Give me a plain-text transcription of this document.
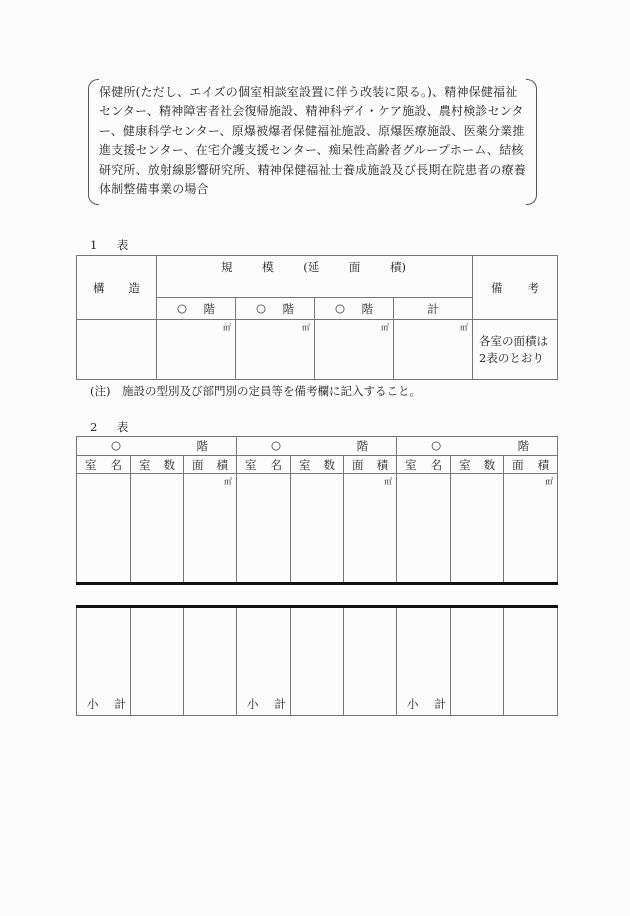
保健所(ただし、エイズの個室相談室設置に伴う改装に限る。)、精神保健福祉センター、精神障害者社会復帰施設、精神科デイ・ケア施設、農村検診センター、健康科学センター、原爆被爆者保健福祉施設、原爆医療施設、医薬分業推進支援センター、在宅介護支援センター、痴呆性高齢者グループホーム、結核研究所、放射線影響研究所、精神保健福祉士養成施設及び長期在院患者の療養体制整備事業の場合
1　表
構 造	規 模 (延 面 積)				備 考

	○ 階	○ 階	○ 階	計	
	㎡	㎡	㎡	㎡	各室の面積は
2表のとおり
(注)　施設の型別及び部門別の定員等を備考欄に記入すること。
2　表
○ 階			○ 階			○ 階		

室 名	室 数	面 積	室 名	室 数	面 積	室 名	室 数	面 積

		㎡			㎡			㎡
小 計			小 計			小 計
